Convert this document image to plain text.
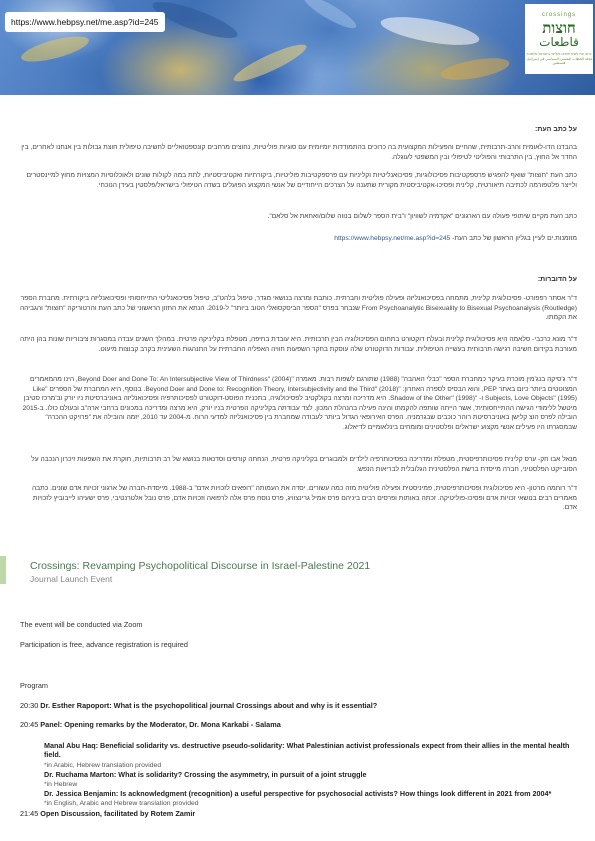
https://www.hebpsy.net/me.asp?id=245
crossings
חוצות
قاطعات
כתב עת לשיח פסיכו-פוליטי בישראל-פלסטין مجلة الخطاب النفسي-السياسي في إسرائيل-فلسطين
על כתב העת:
בהבדנו הדו-לאומית והרב-תרבותית, שהחיים והפעילות המקצועית בה כרוכים בהתמודדות יומיומית עם סוגיות פוליטיות, נחוצים מרחבים קונספטואליים לחשיבה טיפולית חוצת גבולות בין אנחנו לאחרים, בין החדר אל החוץ, בין התרבותי והפוליטי לטיפולי ובין המשפטי לעוגלה.
כתב העת "חוצות" שואף להפגיש פרספקטיבות פסיכולוגיות, פסיכואנליטיות וקליניות עם פרספקטיבות פוליטיות, ביקורתיות ואקטיביסטיות, לתת במה לקולות שונים ולאוכלוסיות המצויות מחוץ למיינסטרים ולייצר פלטפורמה לכתיבה תיאורטית, קלינית ופסיכו-אקטיביסטית מקורית שתענה על הצרכים הייחודיים של אנשי המקצוע הפועלים בשדה הטיפולי בישראל/פלסטין בעידן הנוכחי.
כתב העת מקיים שיתופי פעולה עם הארגונים "אקדמיה לשוויון" ו"בית הספר לשלום בנווה שלום/ואחאת אל סלאם".
מוזמנות.ים לעיין בגליון הראשון של כתב העת- https://www.hebpsy.net/me.asp?id=245
על הדוברות:
ד"ר אסתר רפפורט- פסיכולוגית קלינית, מתמחה בפסיכואנליזה ופעילה פוליטית וחברתית. כותבת ומרצה בנושאי מגדר, טיפול בלהט"ב, טיפול פסיכואנליטי התייחסותי ופסיכואנליזה ביקורתית. מחברת הספר From Psychoanalytic Bisexuality to Bisexual Psychoanalysis (Routledge) שנבחר בפרס "הספר הביסקסואלי הטוב ביותר" ל-2019. הנתא את החזון הראשוני של כתב העת והרטוריקה "חוצות" והגביהה את הקמתו.
ד"ר מונא כרכבי- סלאמה היא פסיכולוגית קלינית ובעלת דוקטורט בתחום הפסיכולוגיה הבין תרבותית. היא עובדת בחיפה, מטפלת בקליניקה פרטית. במהלך השנים עבדה במסגרות ציבוריות שונות בהן היתה מעורבת בקידום חשיבה רגישה תרבותית בעשייה הטיפולית. עבודות הדוקטורט שלה עוסקת בחקר השפעות חוויה האפליה החברתית על התנהגות השעינית בקרב קבוצות מיעוט.
ד"ר ג'סיקה בנג'מין מוכרת בעיקר כמחברת הספר "כבלי האהבה" (1988) שתורגם לשפות רבות. מאמרה "Beyond Doer and Done To: An Intersubjective View of Thirdness" (2004), הינו מהמאמרים המצוטטים ביותר כיום באתר PEP, והוא הבסיס לספרה האחרון: "Beyond Doer and Done to: Recognition Theory, Intersubjectivity and the Third" (2018). בנוסף, היא המחברת של הספרים "Like Subjects, Love Objects" (1995) ו- "Shadow of the Other" (1998). היא מדריכה ומרצה בקולקטיב לפסיכולוגיה, בתכנית הפוסט-דוקטורט לפסיכותרפיה ופסיכואנליזה באוניברסיטת ניו יורק וב'מרכז סטיבן מיטשל ללימודי הגישה ההתייחסותית', אשר הייתה שותפה להקמתו והינה פעילה בהנהלת המכון. לצד עבודתה בקליניקה הפרטית בניו יורק, היא מרצה ומדריכה במכונים ברחבי ארה"ב ובעולם כולו. ב-2015 הובילה לפרס הוצ קלישן באוניברסיטת רוהר כוכבים שבגרמניה. הפרס האירופאי הגדול ביותר לעבודה שמחברת בין פסיכואנליזה למדעי הרוח. מ-2004 עד 2010, יזמה והובילה את "פרויקט ההכרה" שבמסגרתו היו פעילים אנשי מקצוע ישראלים ופלסטינים ומומחים בינלאומיים לדיאלוג.
מנאל אבו חק- ערס קלינית פסיכותרפיסטית, מטפלת ומדריכה בפסיכותרפיה לילדים ולמבוגרים בקליניקה פרטית, הנחתה קורסים וסדנאות בנושא של רב תרבותיות, חוקרת את השפעות זיכרון הנכבה על הסובייקט הפלסטיני, חברה מייסדת ברשת הפלסטינית הגלובלית לבריאות הנפש.
ד"ר רוחמה מרטון- היא פסיכולוגית ופסיכותרפיסטית, פמיניסטית ופעילה פוליטית מזה כמה עשורים. יסדה את העמותה "רופאים לזכויות אדם" ב-1988. מייסדת-חברה של ארגוני זכויות אדם שונים. כתבה מאמרים רבים בנושאי זכויות אדם ופסיכו-פוליטיקה. זכתה באותות ופרסים רבים ביניהם פרס אמיל גרינצוויג, פרס נוסח פרס אלה לרפואה וזכויות אדם, פרס נובל אלטרנטיבי, פרס ישעיהו לייבוביץ לזכויות אדם.
Crossings: Revamping Psychopolitical Discourse in Israel-Palestine 2021
Journal Launch Event
The event will be conducted via Zoom
Participation is free, advance registration is required
Program
20:30 Dr. Esther Rapoport: What is the psychopolitical journal Crossings about and why is it essential?
20:45 Panel: Opening remarks by the Moderator, Dr. Mona Karkabi - Salama
Manal Abu Haq: Beneficial solidarity vs. destructive pseudo-solidarity: What Palestinian activist professionals expect from their allies in the mental health field.
*in Arabic, Hebrew translation provided
Dr. Ruchama Marton: What is solidarity? Crossing the asymmetry, in pursuit of a joint struggle
*in Hebrew
Dr. Jessica Benjamin: Is acknowledgment (recognition) a useful perspective for psychosocial activists? How things look different in 2021 from 2004*
*in English, Arabic and Hebrew translation provided
21:45 Open Discussion, facilitated by Rotem Zamir
